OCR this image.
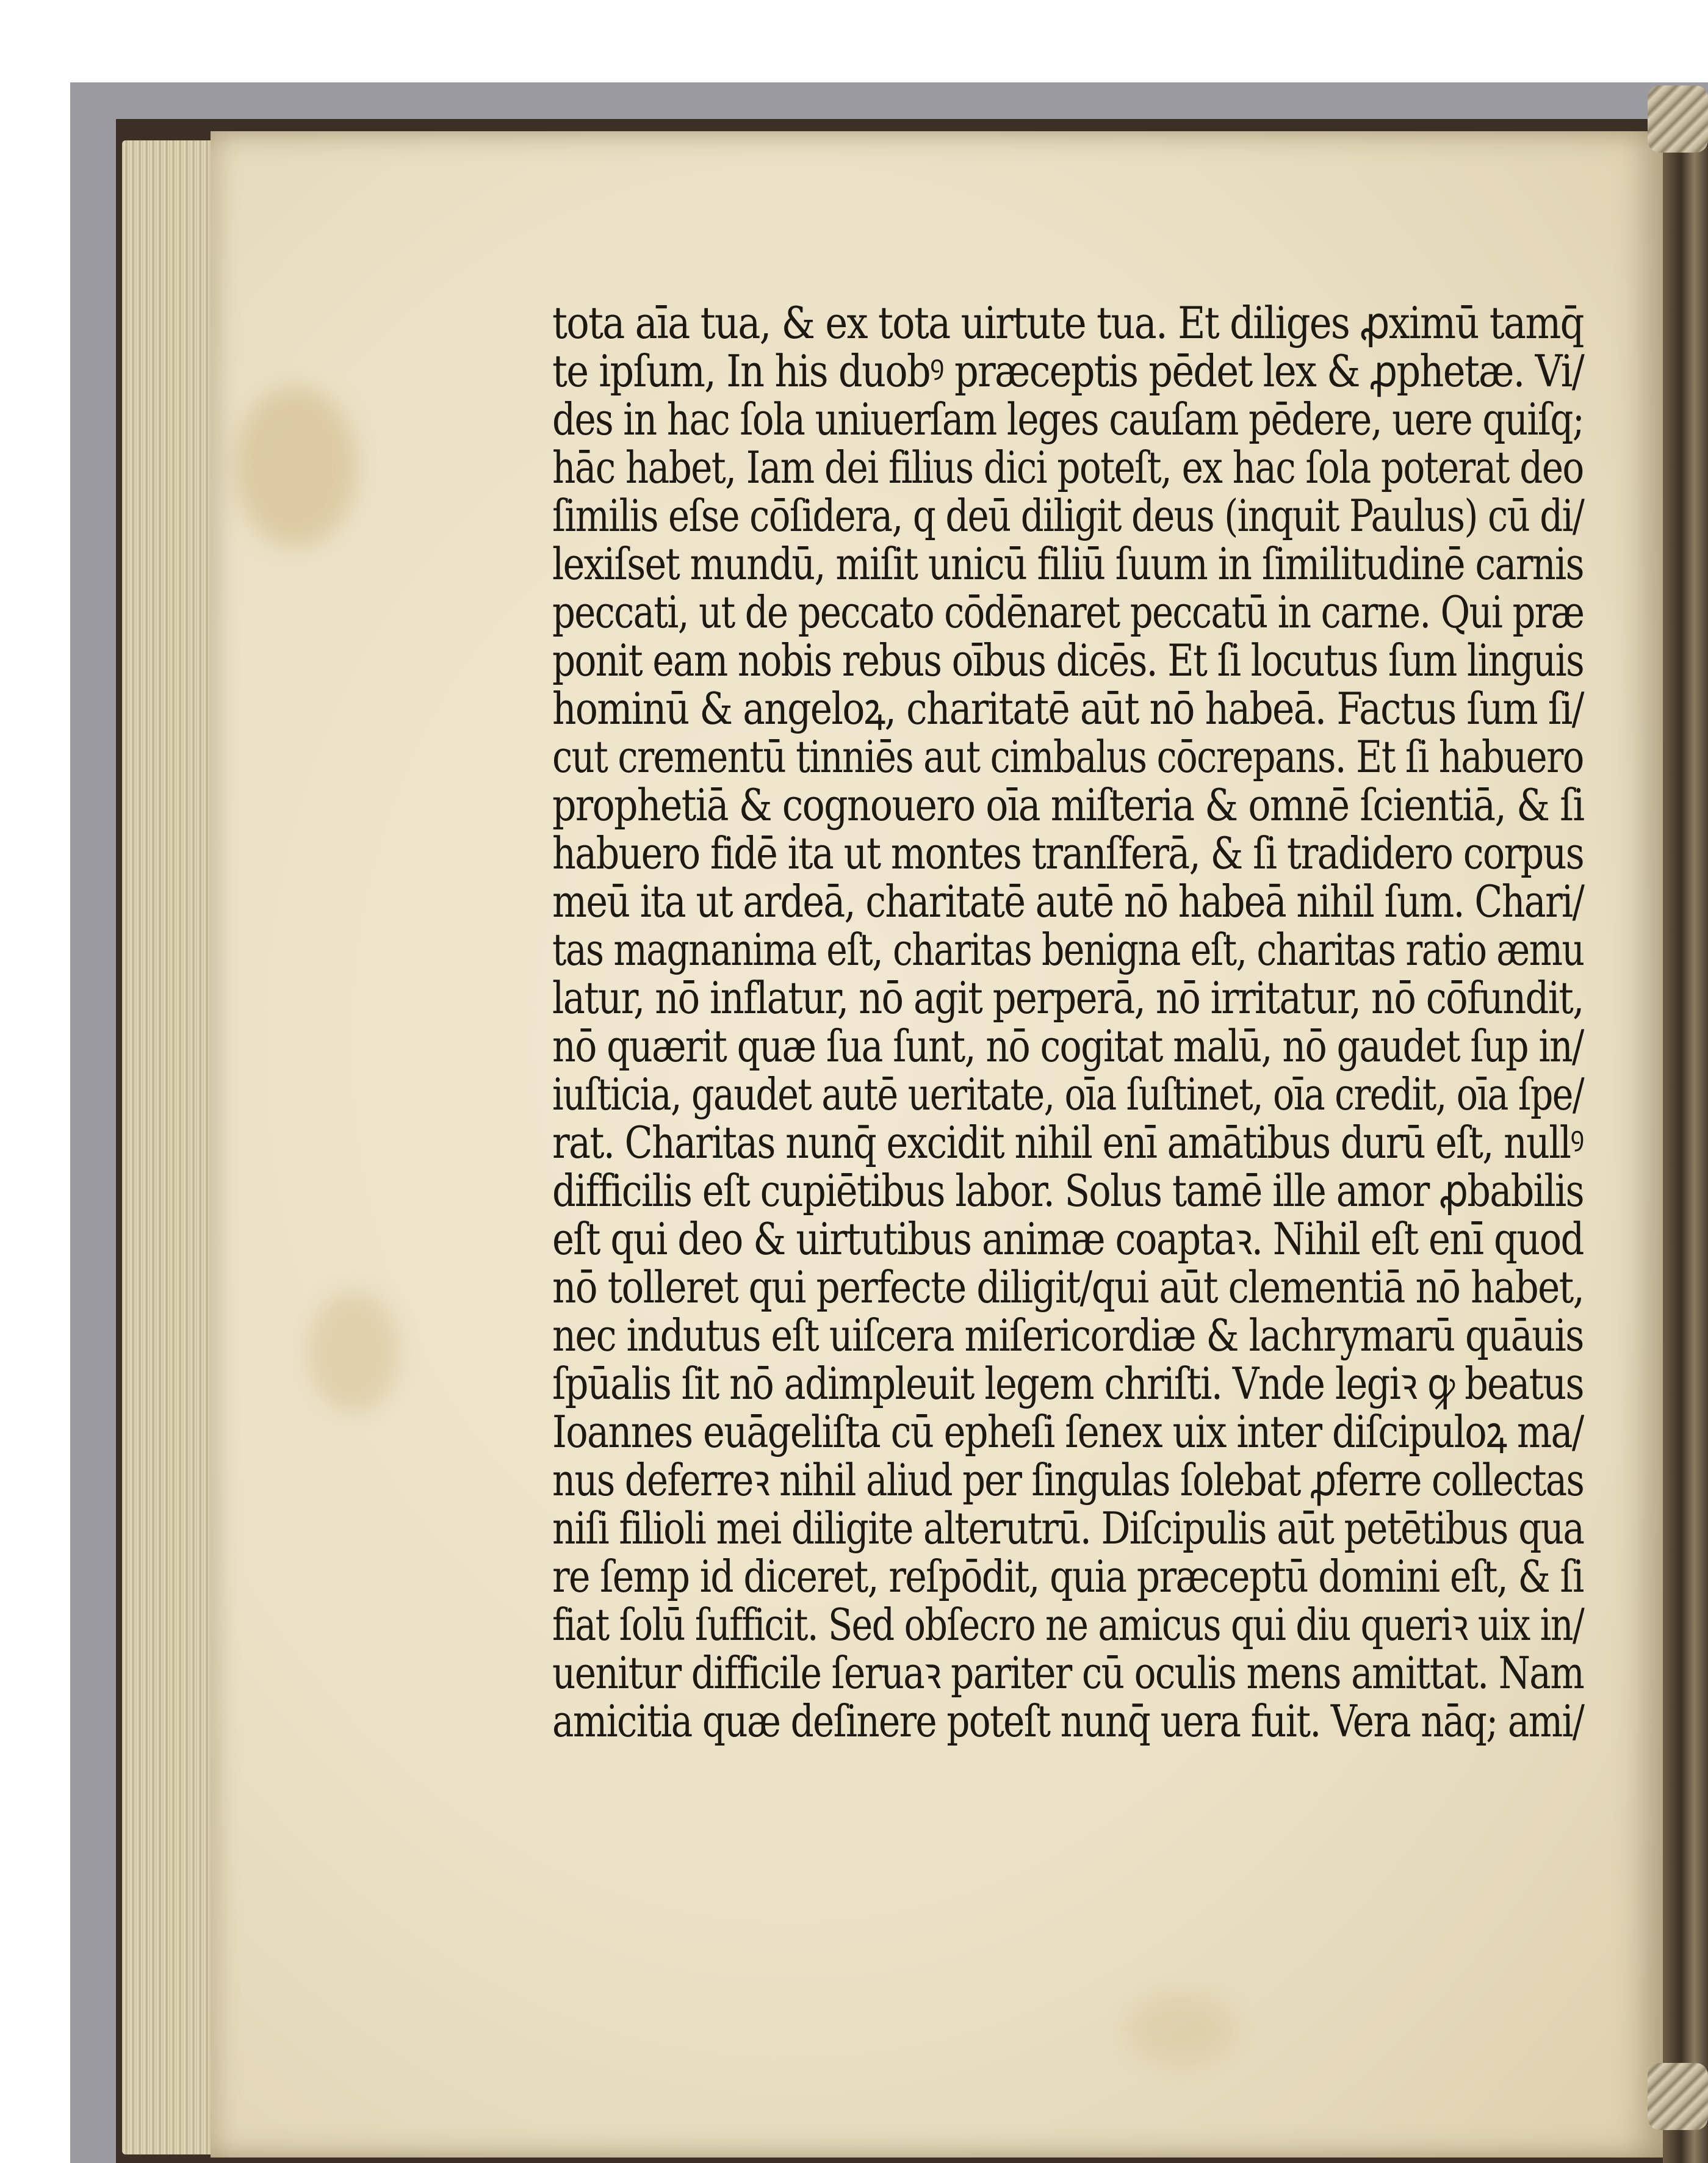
tota aīa tua, & ex tota uirtute tua. Et diliges ꝓximū tamq̄
te ipſum, In his duobꝰ præceptis pēdet lex & ꝓphetæ. Vi/
des in hac ſola uniuerſam leges cauſam pēdere, uere quiſq;
hāc habet, Iam dei filius dici poteſt, ex hac ſola poterat deo
ſimilis eſse cōſidera, q deū diligit deus (inquit Paulus) cū di/
lexiſset mundū, miſit unicū filiū ſuum in ſimilitudinē carnis
peccati, ut de peccato cōdēnaret peccatū in carne. Qui præ
ponit eam nobis rebus oībus dicēs. Et ſi locutus ſum linguis
hominū & angeloꝝ, charitatē aūt nō habeā. Factus ſum ſi/
cut crementū tinniēs aut cimbalus cōcrepans. Et ſi habuero
prophetiā & cognouero oīa miſteria & omnē ſcientiā, & ſi
habuero fidē ita ut montes tranſferā, & ſi tradidero corpus
meū ita ut ardeā, charitatē autē nō habeā nihil ſum. Chari/
tas magnanima eſt, charitas benigna eſt, charitas ratio æmu
latur, nō inflatur, nō agit perperā, nō irritatur, nō cōfundit,
nō quærit quæ ſua ſunt, nō cogitat malū, nō gaudet ſup in/
iuſticia, gaudet autē ueritate, oīa ſuſtinet, oīa credit, oīa ſpe/
rat. Charitas nunq̄ excidit nihil enī amātibus durū eſt, nullꝰ
difficilis eſt cupiētibus labor. Solus tamē ille amor ꝓbabilis
eſt qui deo & uirtutibus animæ coaptaꝛ. Nihil eſt enī quod
nō tolleret qui perfecte diligit/qui aūt clementiā nō habet,
nec indutus eſt uiſcera miſericordiæ & lachrymarū quāuis
ſpūalis ſit nō adimpleuit legem chriſti. Vnde legiꝛ ꝙ beatus
Ioannes euāgeliſta cū epheſi ſenex uix inter diſcipuloꝝ ma/
nus deferreꝛ nihil aliud per ſingulas ſolebat ꝓferre collectas
niſi filioli mei diligite alterutrū. Diſcipulis aūt petētibus qua
re ſemp id diceret, reſpōdit, quia præceptū domini eſt, & ſi
fiat ſolū ſufficit. Sed obſecro ne amicus qui diu queriꝛ uix in/
uenitur difficile ſeruaꝛ pariter cū oculis mens amittat. Nam
amicitia quæ deſinere poteſt nunq̄ uera fuit. Vera nāq; ami/
